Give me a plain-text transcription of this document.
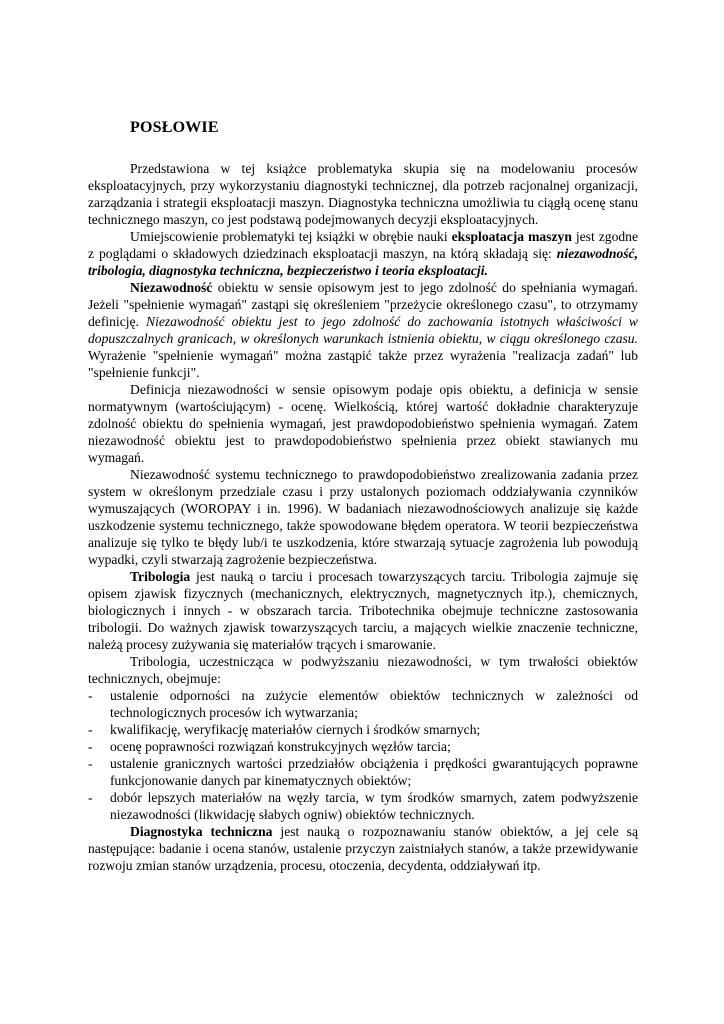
POSŁOWIE

Przedstawiona w tej książce problematyka skupia się na modelowaniu procesów eksploatacyjnych, przy wykorzystaniu diagnostyki technicznej, dla potrzeb racjonalnej organizacji, zarządzania i strategii eksploatacji maszyn. Diagnostyka techniczna umożliwia tu ciągłą ocenę stanu technicznego maszyn, co jest podstawą podejmowanych decyzji eksploatacyjnych.

Umiejscowienie problematyki tej książki w obrębie nauki eksploatacja maszyn jest zgodne z poglądami o składowych dziedzinach eksploatacji maszyn, na którą składają się: niezawodność, tribologia, diagnostyka techniczna, bezpieczeństwo i teoria eksploatacji.

Niezawodność obiektu w sensie opisowym jest to jego zdolność do spełniania wymagań. Jeżeli "spełnienie wymagań" zastąpi się określeniem "przeżycie określonego czasu", to otrzymamy definicję. Niezawodność obiektu jest to jego zdolność do zachowania istotnych właściwości w dopuszczalnych granicach, w określonych warunkach istnienia obiektu, w ciągu określonego czasu. Wyrażenie "spełnienie wymagań" można zastąpić także przez wyrażenia "realizacja zadań" lub "spełnienie funkcji".

Definicja niezawodności w sensie opisowym podaje opis obiektu, a definicja w sensie normatywnym (wartościującym) - ocenę. Wielkością, której wartość dokładnie charakteryzuje zdolność obiektu do spełnienia wymagań, jest prawdopodobieństwo spełnienia wymagań. Zatem niezawodność obiektu jest to prawdopodobieństwo spełnienia przez obiekt stawianych mu wymagań.

Niezawodność systemu technicznego to prawdopodobieństwo zrealizowania zadania przez system w określonym przedziale czasu i przy ustalonych poziomach oddziaływania czynników wymuszających (WOROPAY i in. 1996). W badaniach niezawodnościowych analizuje się każde uszkodzenie systemu technicznego, także spowodowane błędem operatora. W teorii bezpieczeństwa analizuje się tylko te błędy lub/i te uszkodzenia, które stwarzają sytuacje zagrożenia lub powodują wypadki, czyli stwarzają zagrożenie bezpieczeństwa.

Tribologia jest nauką o tarciu i procesach towarzyszących tarciu. Tribologia zajmuje się opisem zjawisk fizycznych (mechanicznych, elektrycznych, magnetycznych itp.), chemicznych, biologicznych i innych - w obszarach tarcia. Tribotechnika obejmuje techniczne zastosowania tribologii. Do ważnych zjawisk towarzyszących tarciu, a mających wielkie znaczenie techniczne, należą procesy zużywania się materiałów trących i smarowanie.

Tribologia, uczestnicząca w podwyższaniu niezawodności, w tym trwałości obiektów technicznych, obejmuje:

- ustalenie odporności na zużycie elementów obiektów technicznych w zależności od technologicznych procesów ich wytwarzania;
- kwalifikację, weryfikację materiałów ciernych i środków smarnych;
- ocenę poprawności rozwiązań konstrukcyjnych węzłów tarcia;
- ustalenie granicznych wartości przedziałów obciążenia i prędkości gwarantujących poprawne funkcjonowanie danych par kinematycznych obiektów;
- dobór lepszych materiałów na węzły tarcia, w tym środków smarnych, zatem podwyższenie niezawodności (likwidację słabych ogniw) obiektów technicznych.

Diagnostyka techniczna jest nauką o rozpoznawaniu stanów obiektów, a jej cele są następujące: badanie i ocena stanów, ustalenie przyczyn zaistniałych stanów, a także przewidywanie rozwoju zmian stanów urządzenia, procesu, otoczenia, decydenta, oddziaływań itp.
